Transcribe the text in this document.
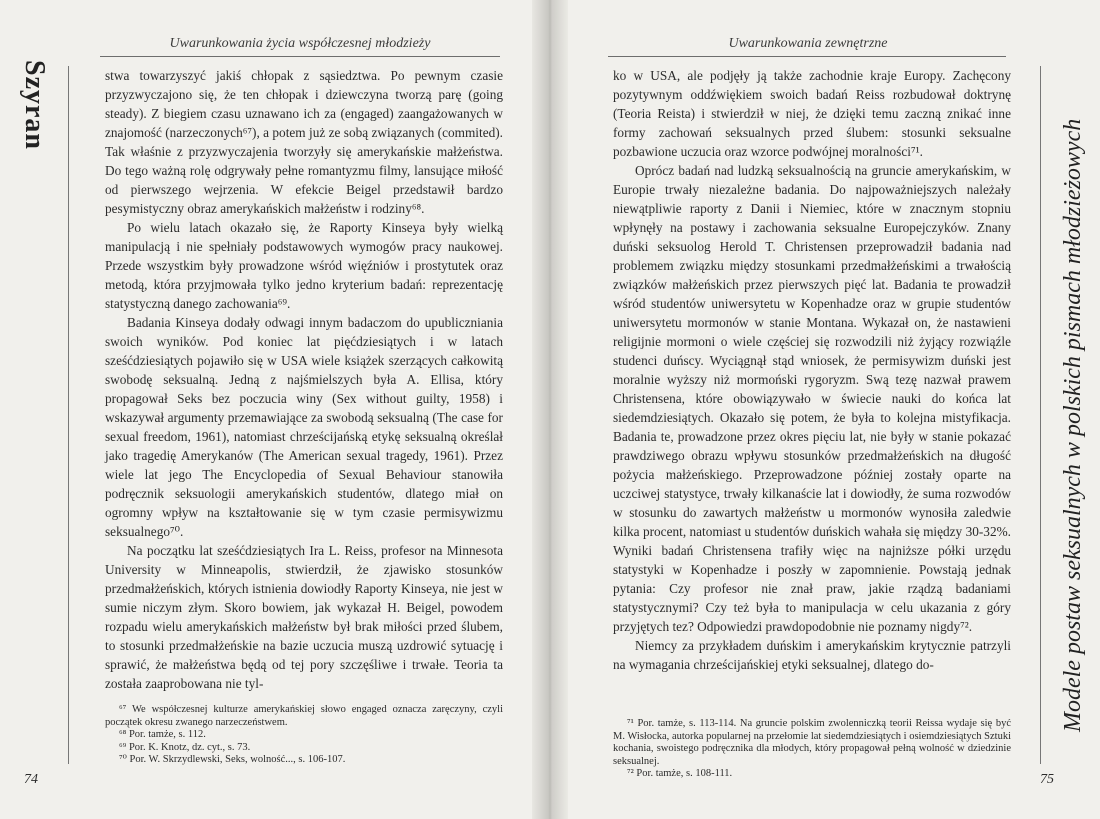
Szyran
Uwarunkowania życia współczesnej młodzieży

stwa towarzyszyć jakiś chłopak z sąsiedztwa. Po pewnym czasie przyzwyczajono się, że ten chłopak i dziewczyna tworzą parę (going steady). Z biegiem czasu uznawano ich za (engaged) zaangażowanych w znajomość (narzeczonych⁶⁷), a potem już ze sobą związanych (commited). Tak właśnie z przyzwyczajenia tworzyły się amerykańskie małżeństwa. Do tego ważną rolę odgrywały pełne romantyzmu filmy, lansujące miłość od pierwszego wejrzenia. W efekcie Beigel przedstawił bardzo pesymistyczny obraz amerykańskich małżeństw i rodziny⁶⁸.

Po wielu latach okazało się, że Raporty Kinseya były wielką manipulacją i nie spełniały podstawowych wymogów pracy naukowej. Przede wszystkim były prowadzone wśród więźniów i prostytutek oraz metodą, która przyjmowała tylko jedno kryterium badań: reprezentację statystyczną danego zachowania⁶⁹.

Badania Kinseya dodały odwagi innym badaczom do upubliczniania swoich wyników. Pod koniec lat pięćdziesiątych i w latach sześćdziesiątych pojawiło się w USA wiele książek szerzących całkowitą swobodę seksualną. Jedną z najśmielszych była A. Ellisa, który propagował Seks bez poczucia winy (Sex without guilty, 1958) i wskazywał argumenty przemawiające za swobodą seksualną (The case for sexual freedom, 1961), natomiast chrześcijańską etykę seksualną określał jako tragedię Amerykanów (The American sexual tragedy, 1961). Przez wiele lat jego The Encyclopedia of Sexual Behaviour stanowiła podręcznik seksuologii amerykańskich studentów, dlatego miał on ogromny wpływ na kształtowanie się w tym czasie permisywizmu seksualnego⁷⁰.

Na początku lat sześćdziesiątych Ira L. Reiss, profesor na Minnesota University w Minneapolis, stwierdził, że zjawisko stosunków przedmałżeńskich, których istnienia dowiodły Raporty Kinseya, nie jest w sumie niczym złym. Skoro bowiem, jak wykazał H. Beigel, powodem rozpadu wielu amerykańskich małżeństw był brak miłości przed ślubem, to stosunki przedmałżeńskie na bazie uczucia muszą uzdrowić sytuację i sprawić, że małżeństwa będą od tej pory szczęśliwe i trwałe. Teoria ta została zaaprobowana nie tyl-

⁶⁷ We współczesnej kulturze amerykańskiej słowo engaged oznacza zaręczyny, czyli początek okresu zwanego narzeczeństwem.

⁶⁸ Por. tamże, s. 112.

⁶⁹ Por. K. Knotz, dz. cyt., s. 73.

⁷⁰ Por. W. Skrzydlewski, Seks, wolność..., s. 106-107.

74
Uwarunkowania zewnętrzne

ko w USA, ale podjęły ją także zachodnie kraje Europy. Zachęcony pozytywnym oddźwiękiem swoich badań Reiss rozbudował doktrynę (Teoria Reista) i stwierdził w niej, że dzięki temu zaczną znikać inne formy zachowań seksualnych przed ślubem: stosunki seksualne pozbawione uczucia oraz wzorce podwójnej moralności⁷¹.

Oprócz badań nad ludzką seksualnością na gruncie amerykańskim, w Europie trwały niezależne badania. Do najpoważniejszych należały niewątpliwie raporty z Danii i Niemiec, które w znacznym stopniu wpłynęły na postawy i zachowania seksualne Europejczyków. Znany duński seksuolog Herold T. Christensen przeprowadził badania nad problemem związku między stosunkami przedmałżeńskimi a trwałością związków małżeńskich przez pierwszych pięć lat. Badania te prowadził wśród studentów uniwersytetu w Kopenhadze oraz w grupie studentów uniwersytetu mormonów w stanie Montana. Wykazał on, że nastawieni religijnie mormoni o wiele częściej się rozwodzili niż żyjący rozwiąźle studenci duńscy. Wyciągnął stąd wniosek, że permisywizm duński jest moralnie wyższy niż mormoński rygoryzm. Swą tezę nazwał prawem Christensena, które obowiązywało w świecie nauki do końca lat siedemdziesiątych. Okazało się potem, że była to kolejna mistyfikacja. Badania te, prowadzone przez okres pięciu lat, nie były w stanie pokazać prawdziwego obrazu wpływu stosunków przedmałżeńskich na długość pożycia małżeńskiego. Przeprowadzone później zostały oparte na uczciwej statystyce, trwały kilkanaście lat i dowiodły, że suma rozwodów w stosunku do zawartych małżeństw u mormonów wynosiła zaledwie kilka procent, natomiast u studentów duńskich wahała się między 30-32%. Wyniki badań Christensena trafiły więc na najniższe półki urzędu statystyki w Kopenhadze i poszły w zapomnienie. Powstają jednak pytania: Czy profesor nie znał praw, jakie rządzą badaniami statystycznymi? Czy też była to manipulacja w celu ukazania z góry przyjętych tez? Odpowiedzi prawdopodobnie nie poznamy nigdy⁷².

Niemcy za przykładem duńskim i amerykańskim krytycznie patrzyli na wymagania chrześcijańskiej etyki seksualnej, dlatego do-

⁷¹ Por. tamże, s. 113-114. Na gruncie polskim zwolenniczką teorii Reissa wydaje się być M. Wisłocka, autorka popularnej na przełomie lat siedemdziesiątych i osiemdziesiątych Sztuki kochania, swoistego podręcznika dla młodych, który propagował pełną wolność w dziedzinie seksualnej.

⁷² Por. tamże, s. 108-111.

Modele postaw seksualnych w polskich pismach młodzieżowych
75
